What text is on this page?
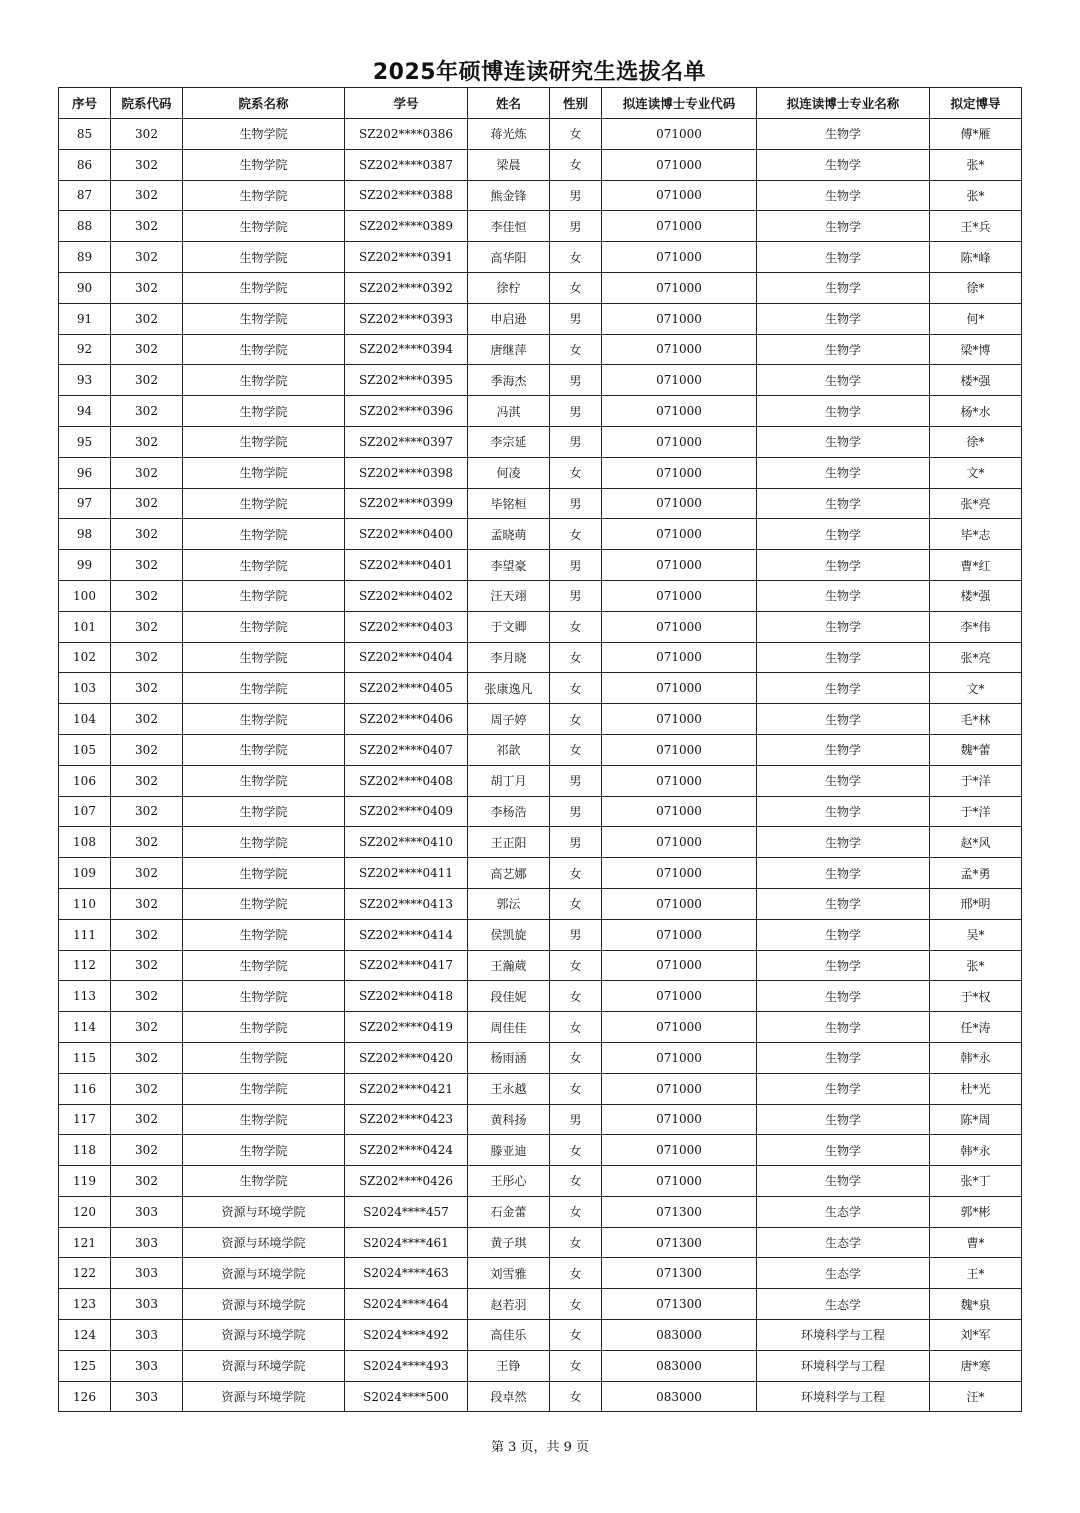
2025年硕博连读研究生选拔名单
序号	院系代码	院系名称	学号	姓名	性别	拟连读博士专业代码	拟连读博士专业名称	拟定博导
85	302	生物学院	SZ202****0386	蒋光炼	女	071000	生物学	傅*雁
86	302	生物学院	SZ202****0387	梁晨	女	071000	生物学	张*
87	302	生物学院	SZ202****0388	熊金锋	男	071000	生物学	张*
88	302	生物学院	SZ202****0389	李佳恒	男	071000	生物学	王*兵
89	302	生物学院	SZ202****0391	高华阳	女	071000	生物学	陈*峰
90	302	生物学院	SZ202****0392	徐柠	女	071000	生物学	徐*
91	302	生物学院	SZ202****0393	申启逊	男	071000	生物学	何*
92	302	生物学院	SZ202****0394	唐继萍	女	071000	生物学	梁*博
93	302	生物学院	SZ202****0395	季海杰	男	071000	生物学	楼*强
94	302	生物学院	SZ202****0396	冯淇	男	071000	生物学	杨*水
95	302	生物学院	SZ202****0397	李宗延	男	071000	生物学	徐*
96	302	生物学院	SZ202****0398	何凌	女	071000	生物学	文*
97	302	生物学院	SZ202****0399	毕铭桓	男	071000	生物学	张*亮
98	302	生物学院	SZ202****0400	孟晓萌	女	071000	生物学	毕*志
99	302	生物学院	SZ202****0401	李望豪	男	071000	生物学	曹*红
100	302	生物学院	SZ202****0402	汪天翊	男	071000	生物学	楼*强
101	302	生物学院	SZ202****0403	于文卿	女	071000	生物学	李*伟
102	302	生物学院	SZ202****0404	李月晓	女	071000	生物学	张*亮
103	302	生物学院	SZ202****0405	张康逸凡	女	071000	生物学	文*
104	302	生物学院	SZ202****0406	周子婷	女	071000	生物学	毛*林
105	302	生物学院	SZ202****0407	祁歆	女	071000	生物学	魏*蕾
106	302	生物学院	SZ202****0408	胡丁月	男	071000	生物学	于*洋
107	302	生物学院	SZ202****0409	李杨浩	男	071000	生物学	于*洋
108	302	生物学院	SZ202****0410	王正阳	男	071000	生物学	赵*风
109	302	生物学院	SZ202****0411	高艺娜	女	071000	生物学	孟*勇
110	302	生物学院	SZ202****0413	郭沄	女	071000	生物学	邢*明
111	302	生物学院	SZ202****0414	侯凯旋	男	071000	生物学	吴*
112	302	生物学院	SZ202****0417	王瀚葳	女	071000	生物学	张*
113	302	生物学院	SZ202****0418	段佳妮	女	071000	生物学	于*权
114	302	生物学院	SZ202****0419	周佳佳	女	071000	生物学	任*涛
115	302	生物学院	SZ202****0420	杨雨涵	女	071000	生物学	韩*永
116	302	生物学院	SZ202****0421	王永越	女	071000	生物学	杜*光
117	302	生物学院	SZ202****0423	黄科扬	男	071000	生物学	陈*周
118	302	生物学院	SZ202****0424	滕亚迪	女	071000	生物学	韩*永
119	302	生物学院	SZ202****0426	王彤心	女	071000	生物学	张*丁
120	303	资源与环境学院	S2024****457	石金蕾	女	071300	生态学	郭*彬
121	303	资源与环境学院	S2024****461	黄子琪	女	071300	生态学	曹*
122	303	资源与环境学院	S2024****463	刘雪雅	女	071300	生态学	王*
123	303	资源与环境学院	S2024****464	赵若羽	女	071300	生态学	魏*泉
124	303	资源与环境学院	S2024****492	高佳乐	女	083000	环境科学与工程	刘*军
125	303	资源与环境学院	S2024****493	王铮	女	083000	环境科学与工程	唐*寒
126	303	资源与环境学院	S2024****500	段卓然	女	083000	环境科学与工程	汪*
第 3 页，共 9 页
